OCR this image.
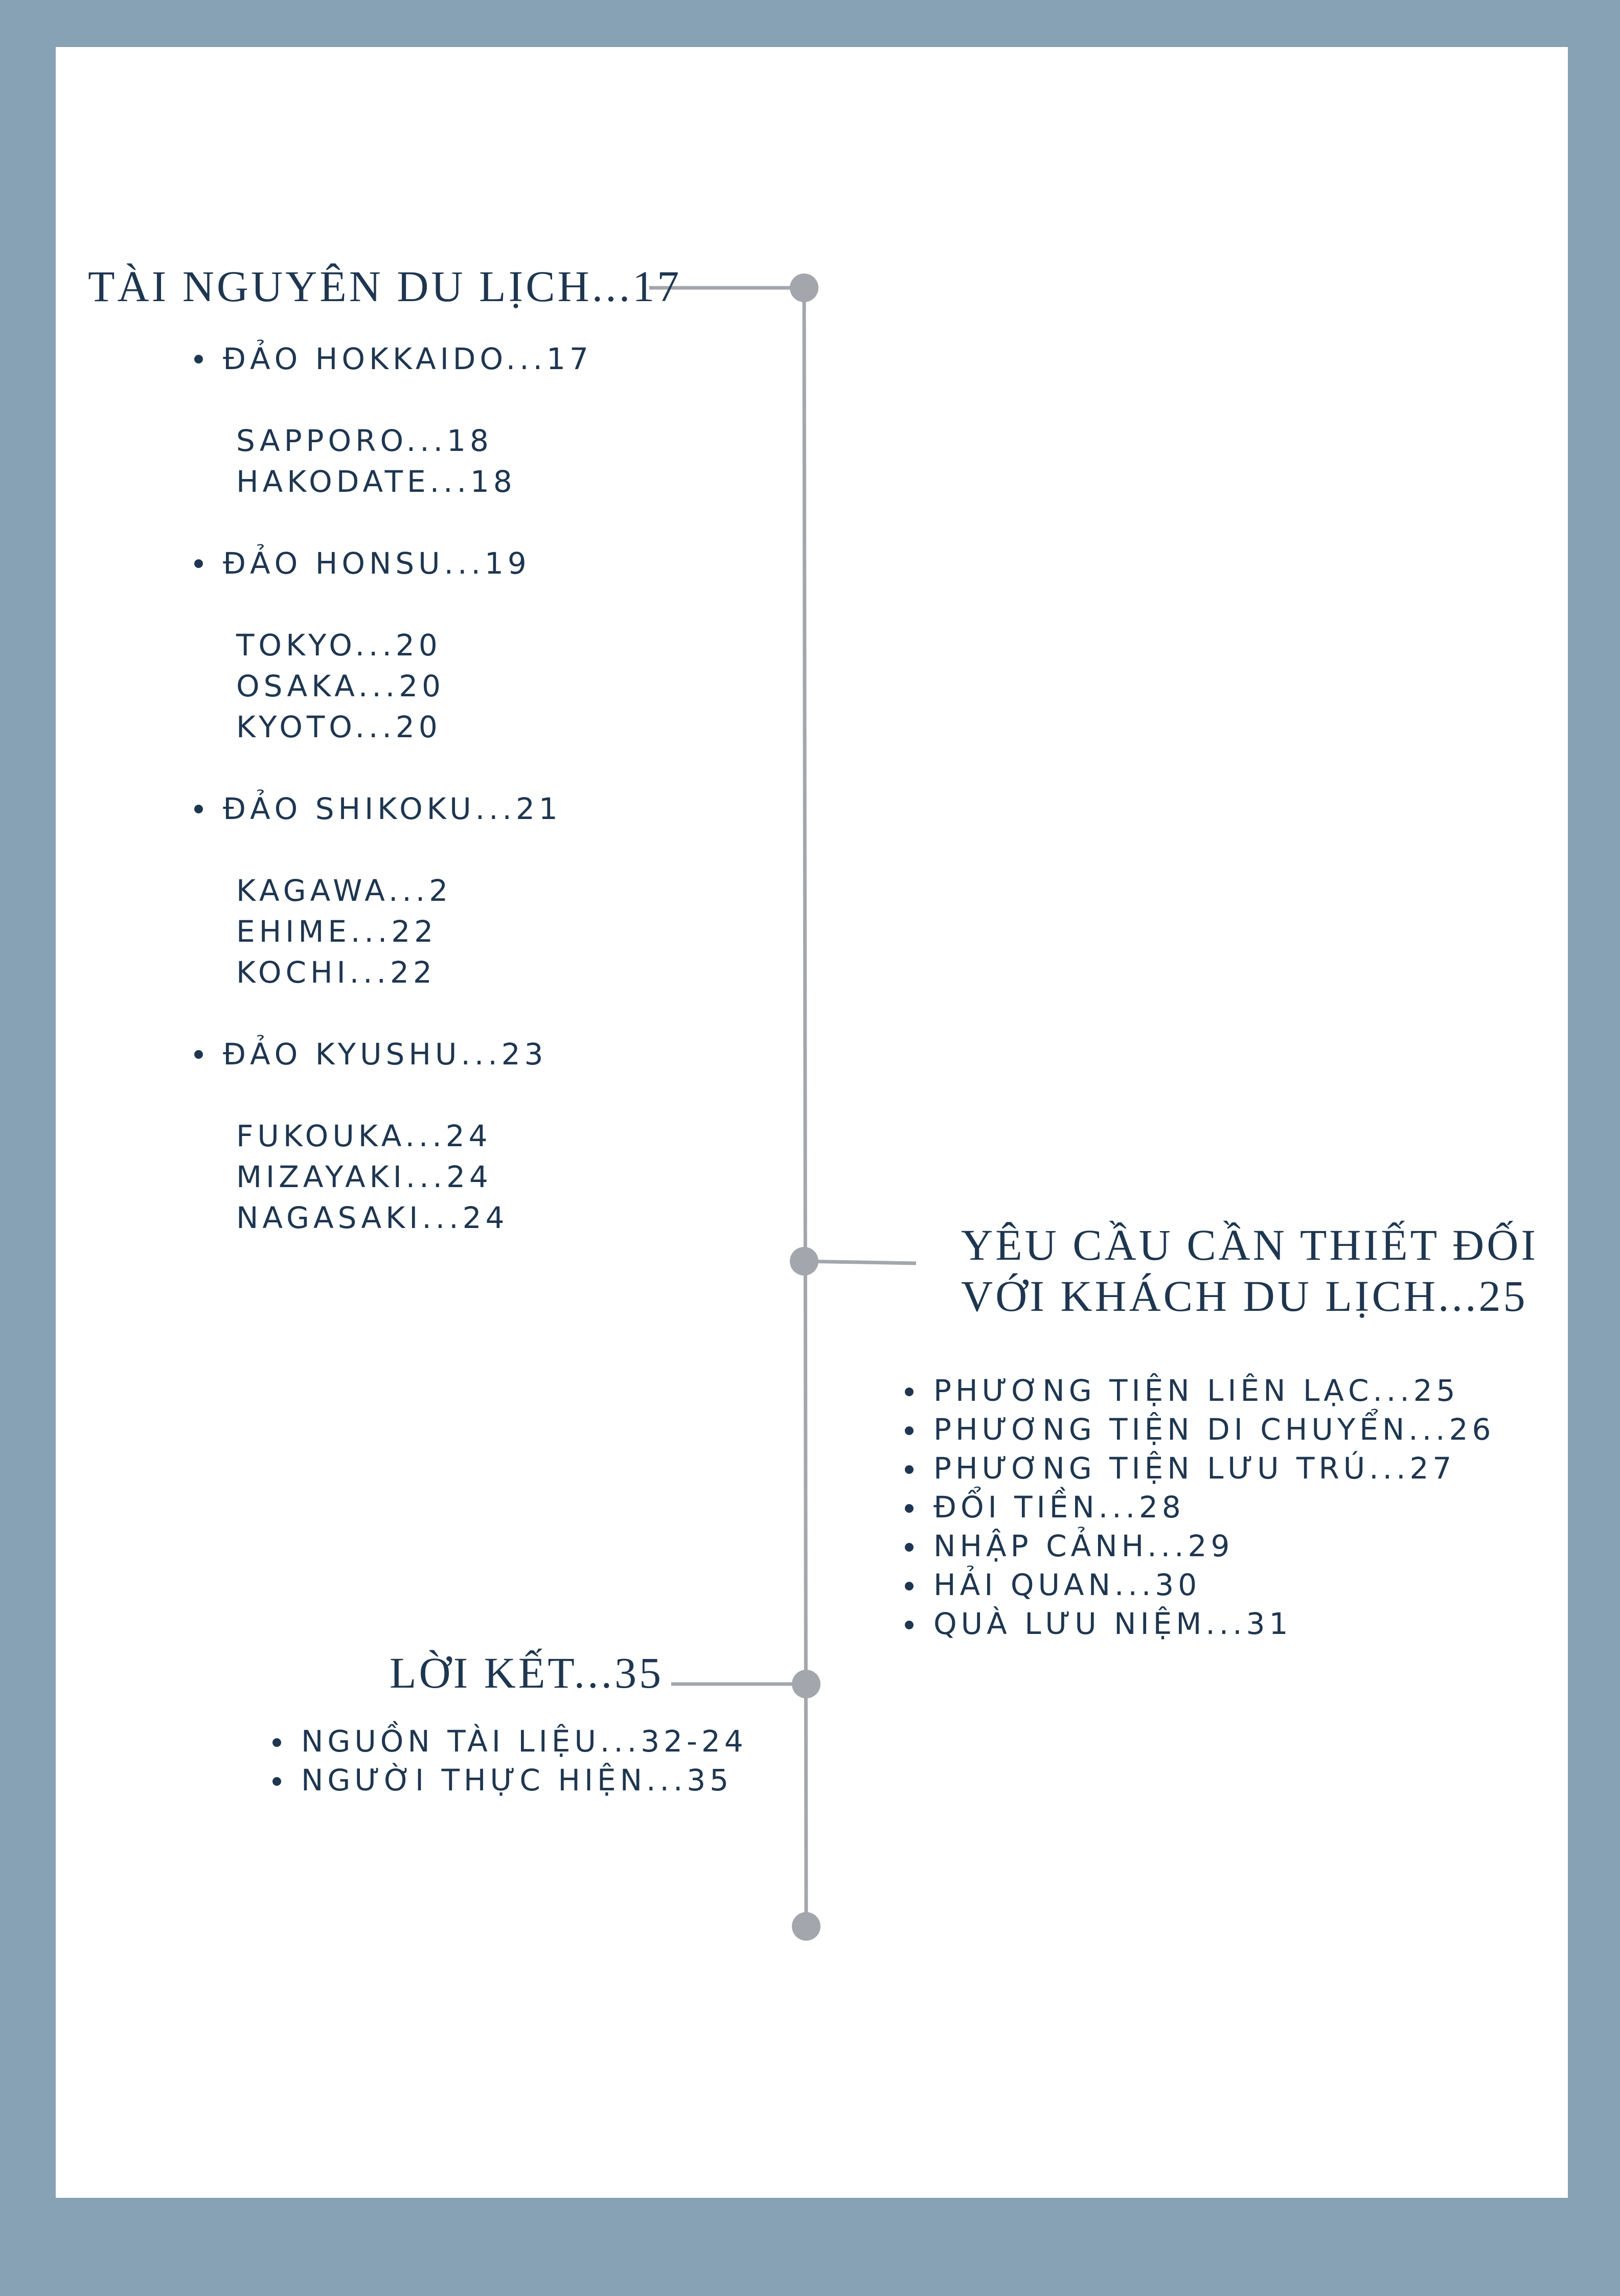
TÀI NGUYÊN DU LỊCH...17
ĐẢO HOKKAIDO...17
SAPPORO...18
HAKODATE...18
ĐẢO HONSU...19
TOKYO...20
OSAKA...20
KYOTO...20
ĐẢO SHIKOKU...21
KAGAWA...2
EHIME...22
KOCHI...22
ĐẢO KYUSHU...23
FUKOUKA...24
MIZAYAKI...24
NAGASAKI...24
YÊU CẦU CẦN THIẾT ĐỐI
VỚI KHÁCH DU LỊCH...25
PHƯƠNG TIỆN LIÊN LẠC...25
PHƯƠNG TIỆN DI CHUYỂN...26
PHƯƠNG TIỆN LƯU TRÚ...27
ĐỔI TIỀN...28
NHẬP CẢNH...29
HẢI QUAN...30
QUÀ LƯU NIỆM...31
LỜI KẾT...35
NGUỒN TÀI LIỆU...32-24
NGƯỜI THỰC HIỆN...35
